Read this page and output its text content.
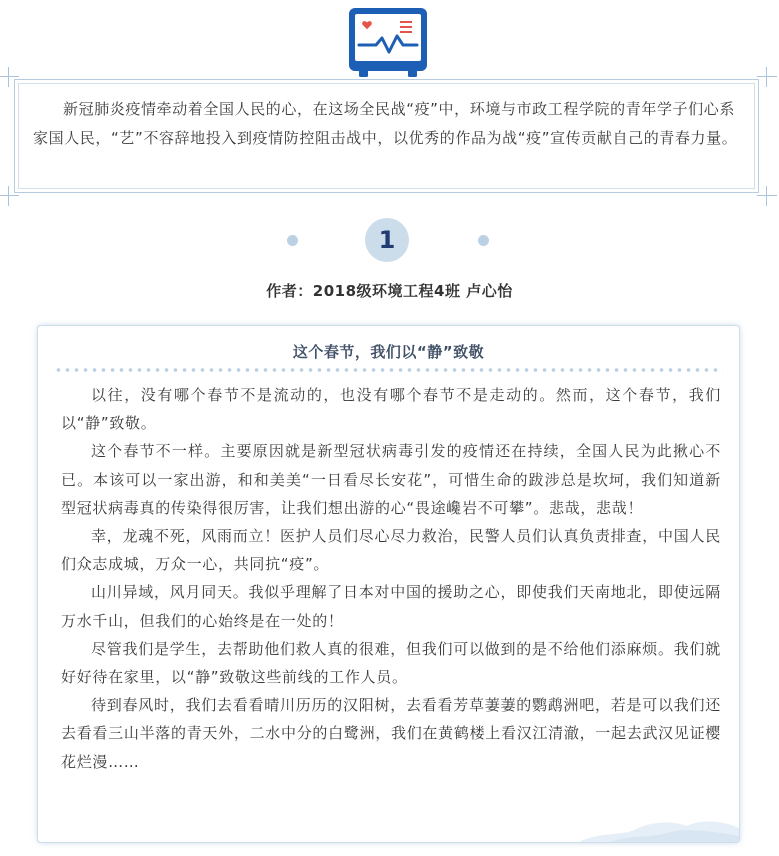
新冠肺炎疫情牵动着全国人民的心，在这场全民战“疫”中，环境与市政工程学院的青年学子们心系家国人民，“艺”不容辞地投入到疫情防控阻击战中，以优秀的作品为战“疫”宣传贡献自己的青春力量。

1
作者：2018级环境工程4班 卢心怡
这个春节，我们以“静”致敬

以往，没有哪个春节不是流动的，也没有哪个春节不是走动的。然而，这个春节，我们以“静”致敬。

这个春节不一样。主要原因就是新型冠状病毒引发的疫情还在持续，全国人民为此揪心不已。本该可以一家出游，和和美美“一日看尽长安花”，可惜生命的跋涉总是坎坷，我们知道新型冠状病毒真的传染得很厉害，让我们想出游的心“畏途巉岩不可攀”。悲哉，悲哉！

幸，龙魂不死，风雨而立！医护人员们尽心尽力救治，民警人员们认真负责排查，中国人民们众志成城，万众一心，共同抗“疫”。

山川异域，风月同天。我似乎理解了日本对中国的援助之心，即使我们天南地北，即使远隔万水千山，但我们的心始终是在一处的！

尽管我们是学生，去帮助他们救人真的很难，但我们可以做到的是不给他们添麻烦。我们就好好待在家里，以“静”致敬这些前线的工作人员。

待到春风时，我们去看看晴川历历的汉阳树，去看看芳草萋萋的鹦鹉洲吧，若是可以我们还去看看三山半落的青天外，二水中分的白鹭洲，我们在黄鹤楼上看汉江清澈，一起去武汉见证樱花烂漫……
